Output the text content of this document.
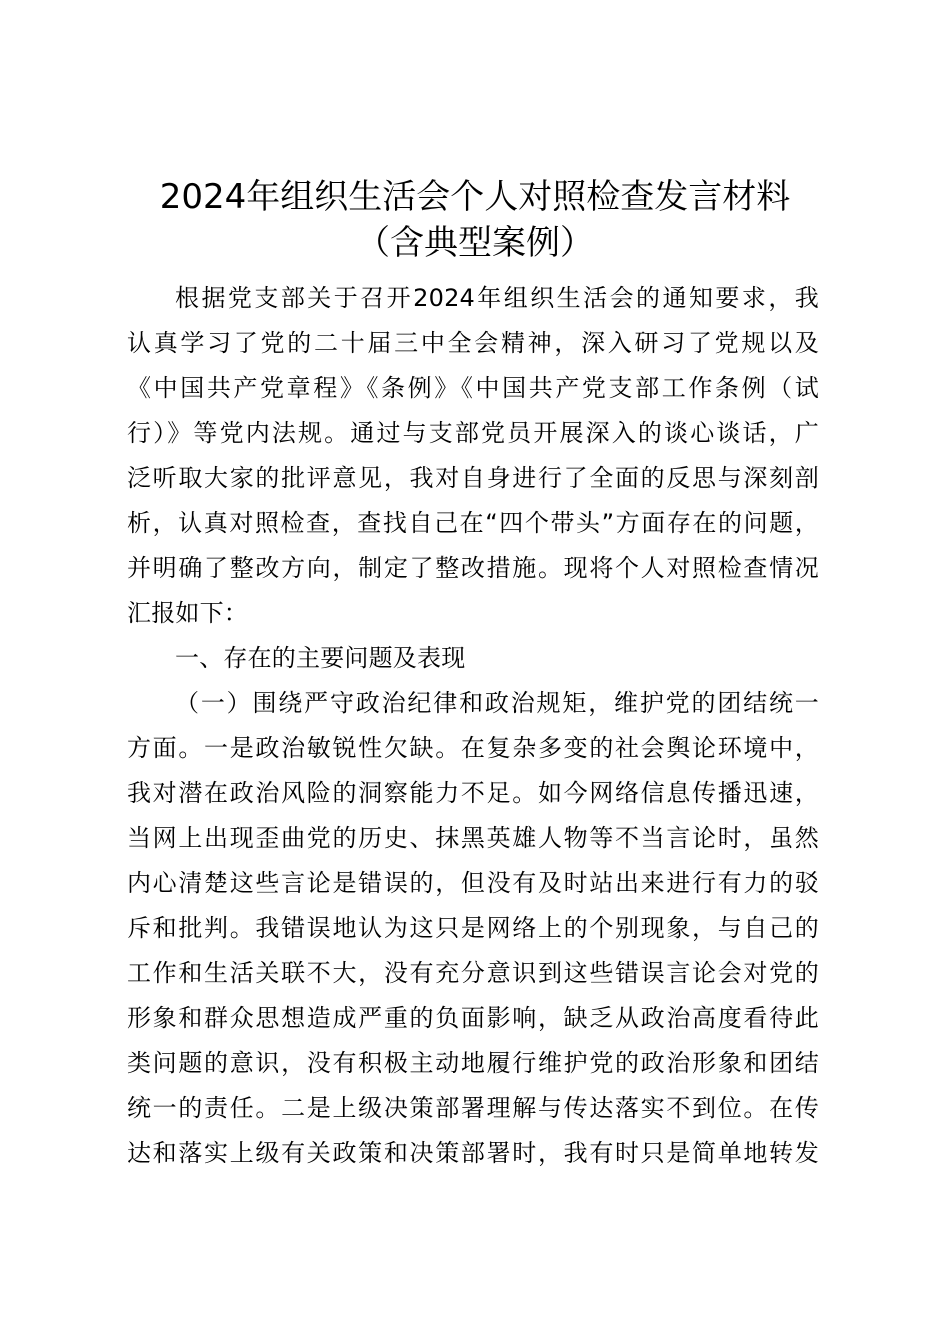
2024年组织生活会个人对照检查发言材料
（含典型案例）
根据党支部关于召开2024年组织生活会的通知要求，我
认真学习了党的二十届三中全会精神，深入研习了党规以及
《中国共产党章程》《条例》《中国共产党支部工作条例（试
行）》等党内法规。通过与支部党员开展深入的谈心谈话，广
泛听取大家的批评意见，我对自身进行了全面的反思与深刻剖
析，认真对照检查，查找自己在“四个带头”方面存在的问题，
并明确了整改方向，制定了整改措施。现将个人对照检查情况
汇报如下：
一、存在的主要问题及表现
（一）围绕严守政治纪律和政治规矩，维护党的团结统一
方面。一是政治敏锐性欠缺。在复杂多变的社会舆论环境中，
我对潜在政治风险的洞察能力不足。如今网络信息传播迅速，
当网上出现歪曲党的历史、抹黑英雄人物等不当言论时，虽然
内心清楚这些言论是错误的，但没有及时站出来进行有力的驳
斥和批判。我错误地认为这只是网络上的个别现象，与自己的
工作和生活关联不大，没有充分意识到这些错误言论会对党的
形象和群众思想造成严重的负面影响，缺乏从政治高度看待此
类问题的意识，没有积极主动地履行维护党的政治形象和团结
统一的责任。二是上级决策部署理解与传达落实不到位。在传
达和落实上级有关政策和决策部署时，我有时只是简单地转发
